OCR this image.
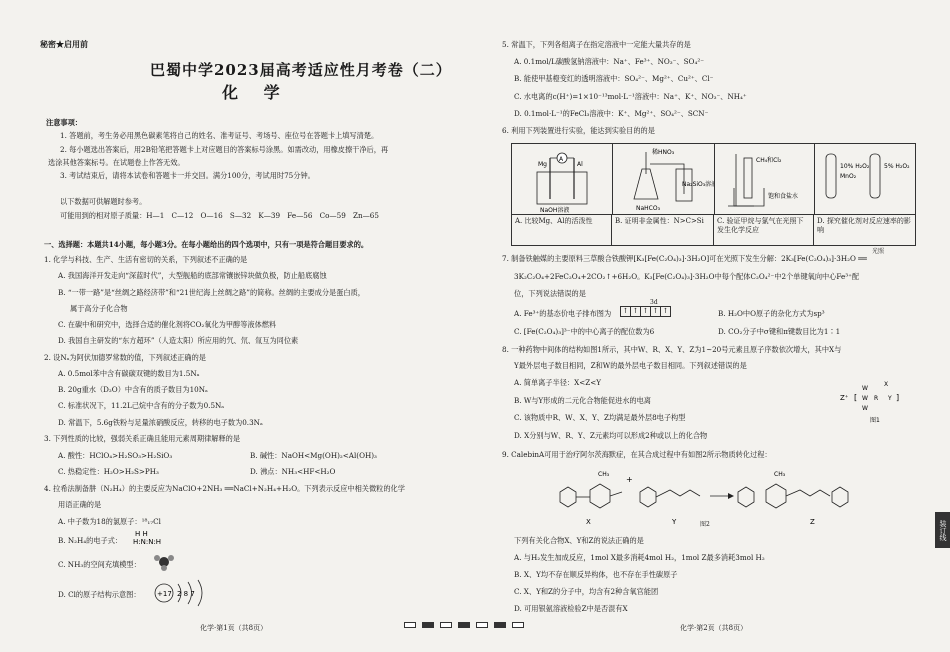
秘密★启用前
巴蜀中学2023届高考适应性月考卷（二）
化 学
注意事项：
1. 答题前，考生务必用黑色碳素笔将自己的姓名、准考证号、考场号、座位号在答题卡上填写清楚。
2. 每小题选出答案后，用2B铅笔把答题卡上对应题目的答案标号涂黑。如需改动，用橡皮擦干净后，再
选涂其他答案标号。在试题卷上作答无效。
3. 考试结束后，请将本试卷和答题卡一并交回。满分100分，考试用时75分钟。
以下数据可供解题时参考。
可能用到的相对原子质量：H—1　C—12　O—16　S—32　K—39　Fe—56　Co—59　Zn—65
一、选择题：本题共14小题，每小题3分。在每小题给出的四个选项中，只有一项是符合题目要求的。
1. 化学与科技、生产、生活有密切的关系，下列叙述不正确的是
A. 我国海洋开发走向“深蓝时代”，大型舰船的底部常镶嵌锌块做负极，防止船底腐蚀
B. “一带一路”是“丝绸之路经济带”和“21世纪海上丝绸之路”的简称。丝绸的主要成分是蛋白质，
属于高分子化合物
C. 在碳中和研究中，选择合适的催化剂将CO₂氧化为甲醇等液体燃料
D. 我国自主研发的“东方超环”（人造太阳）所应用的氕、氘、氚互为同位素
2. 设Nₐ为阿伏加德罗常数的值，下列叙述正确的是
A. 0.5mol苯中含有碳碳双键的数目为1.5Nₐ
B. 20g重水（D₂O）中含有的质子数目为10Nₐ
C. 标准状况下，11.2L己烷中含有的分子数为0.5Nₐ
D. 常温下，5.6g铁粉与足量浓硝酸反应，转移的电子数为0.3Nₐ
3. 下列性质的比较，强弱关系正确且能用元素周期律解释的是
A. 酸性：HClO₄>H₂SO₃>H₂SiO₃	B. 碱性：NaOH<Mg(OH)₂<Al(OH)₃
C. 热稳定性：H₂O>H₂S>PH₃	D. 沸点：NH₃<HF<H₂O
4. 拉希法制备肼（N₂H₄）的主要反应为NaClO+2NH₃ ══NaCl+N₂H₄+H₂O。下列表示反应中相关微粒的化学
用语正确的是
A. 中子数为18的氯原子：¹⁸₁₇Cl
B. N₂H₄的电子式：
H H
H:N:N:H
C. NH₃的空间充填模型：
D. Cl的原子结构示意图： +17 2 8 7
化学·第1页（共8页）
5. 常温下，下列各组离子在指定溶液中一定能大量共存的是
A. 0.1mol/L碳酸氢钠溶液中：Na⁺、Fe³⁺、NO₃⁻、SO₄²⁻
B. 能使甲基橙变红的透明溶液中：SO₄²⁻、Mg²⁺、Cu²⁺、Cl⁻
C. 水电离的c(H⁺)=1×10⁻¹³mol·L⁻¹溶液中：Na⁺、K⁺、NO₃⁻、NH₄⁺
D. 0.1mol·L⁻¹的FeCl₃溶液中：K⁺、Mg²⁺、SO₄²⁻、SCN⁻
6. 利用下列装置进行实验，能达到实验目的的是
A
Mg	Al
NaOH溶液
稀HNO₃
Na₂SiO₃溶液
NaHCO₃
CH₄和Cl₂
饱和食盐水
10% H₂O₂ 5% H₂O₂
MnO₂
A. 比较Mg、Al的活泼性	B. 证明非金属性：N>C>Si	C. 验证甲烷与氯气在光照下发生化学反应
D. 探究催化剂对反应速率的影响
7. 制备铁触媒的主要原料三草酸合铁酸钾[K₃[Fe(C₂O₄)₃]·3H₂O]可在光照下发生分解：2K₃[Fe(C₂O₄)₃]·3H₂O ══
光照
3K₂C₂O₄+2FeC₂O₄+2CO₂↑+6H₂O。K₃[Fe(C₂O₄)₃]·3H₂O中每个配体C₂O₄²⁻中2个单键氧向中心Fe³⁺配
位，下列说法错误的是
A. Fe³⁺的基态价电子排布图为
3d
↑ ↑ ↑ ↑ ↑	B. H₂O中O原子的杂化方式为sp³
C. [Fe(C₂O₄)₃]³⁻中的中心离子的配位数为6	D. CO₂分子中σ键和π键数目比为1∶1
8. 一种药物中间体的结构如图1所示，其中W、R、X、Y、Z为1~20号元素且原子序数依次增大，其中X与
Y最外层电子数目相同，Z和W的最外层电子数目相同。下列叙述错误的是
A. 简单离子半径：X<Z<Y
B. W与Y形成的二元化合物能促进水的电离
C. 该物质中R、W、X、Y、Z均满足最外层8电子构型
D. X分别与W、R、Y、Z元素均可以形成2种或以上的化合物
Z⁺ [
W
W
W
R
X
Y ]
图1
9. CalebinA可用于治疗阿尔茨海默症，在其合成过程中有如图2所示物质转化过程：
CH₃
X
+
Y
CH₃
Z
图2
下列有关化合物X、Y和Z的说法正确的是
A. 与H₂发生加成反应，1mol X最多消耗4mol H₂，1mol Z最多消耗3mol H₂
B. X、Y均不存在顺反异构体，也不存在手性碳原子
C. X、Y和Z的分子中，均含有2种含氧官能团
D. 可用银氨溶液检验Z中是否混有X
化学·第2页（共8页）
装订线
